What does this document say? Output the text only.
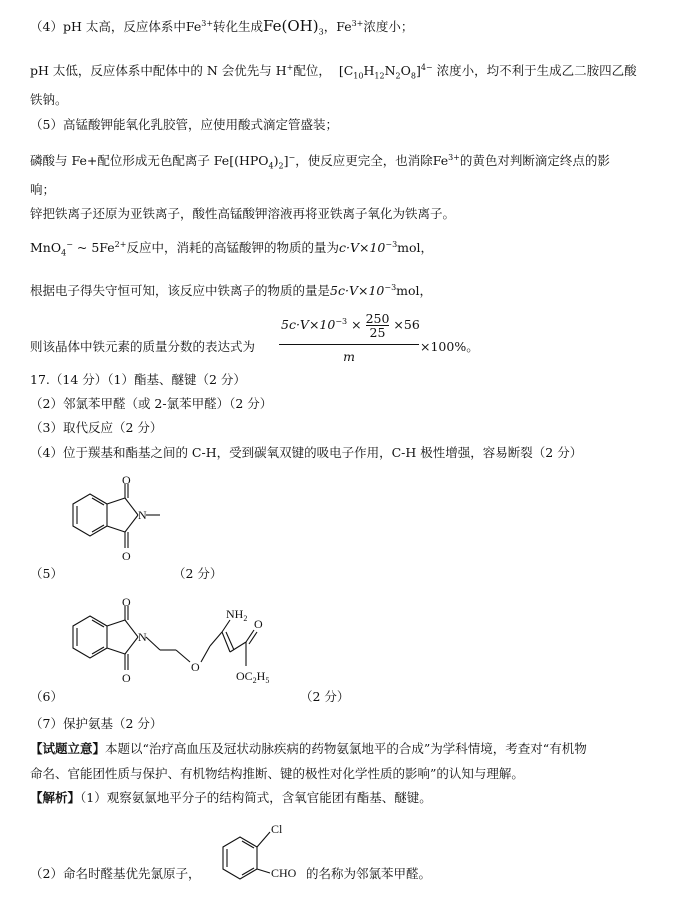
（4）pH 太高，反应体系中$Fe^{3+}$转化生成$Fe(OH)_3$，$Fe^{3+}$浓度小；
pH 太低，反应体系中配体中的 N 会优先与 H+配位， $[C_{10}H_{12}N_2O_8]^{4-}$ 浓度小，均不利于生成乙二胺四乙酸
铁钠。
（5）高锰酸钾能氧化乳胶管，应使用酸式滴定管盛装；
磷酸与 Fe+配位形成无色配离子 $Fe[(HPO_4)_2]^-$，使反应更完全，也消除$Fe^{3+}$的黄色对判断滴定终点的影
响；
锌把铁离子还原为亚铁离子，酸性高锰酸钾溶液再将亚铁离子氧化为铁离子。
MnO$_4$− ~ $5Fe^{2+}$反应中，消耗的高锰酸钾的物质的量为$c\cdot V\times 10^{-3}mol$，
根据电子得失守恒可知，该反应中铁离子的物质的量是$5c\cdot V\times 10^{-3}mol$，
则该晶体中铁元素的质量分数的表达式为
$5c\cdot V\times 10^{-3} \times \frac{250}{25} \times 56$
m
×100%。
17.（14 分）（1）酯基、醚键（2 分）
（2）邻氯苯甲醛（或 2-氯苯甲醛）（2 分）
（3）取代反应（2 分）
（4）位于羰基和酯基之间的 C-H，受到碳氧双键的吸电子作用，C-H 极性增强，容易断裂（2 分）
O
O
N
（5）	（2 分）
O
O
N
O
$NH_2$ O
$OC_2H_5$
（6）	（2 分）
（7）保护氨基（2 分）
【试题立意】本题以“治疗高血压及冠状动脉疾病的药物氨氯地平的合成”为学科情境，考查对“有机物
命名、官能团性质与保护、有机物结构推断、键的极性对化学性质的影响”的认知与理解。
【解析】（1）观察氨氯地平分子的结构简式，含氧官能团有酯基、醚键。
Cl
CHO
（2）命名时醛基优先氯原子，	的名称为邻氯苯甲醛。
